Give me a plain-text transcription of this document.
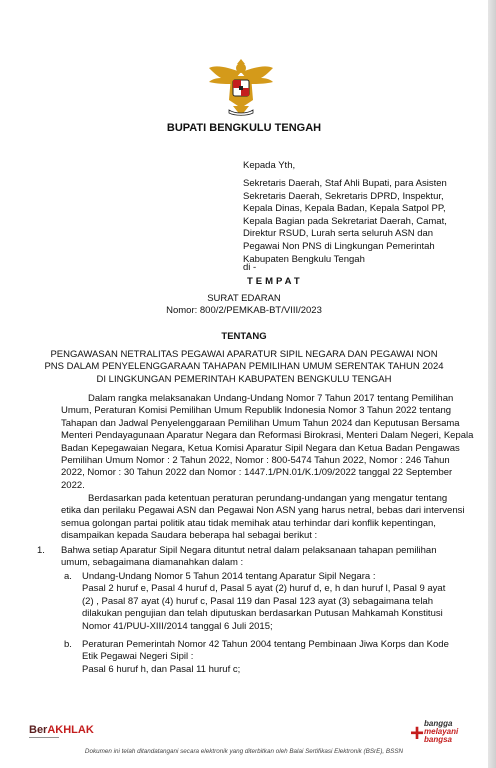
BUPATI BENGKULU TENGAH
Kepada Yth,
Sekretaris Daerah, Staf Ahli Bupati, para Asisten
Sekretaris Daerah, Sekretaris DPRD, Inspektur,
Kepala Dinas, Kepala Badan, Kepala Satpol PP,
Kepala Bagian pada Sekretariat Daerah, Camat,
Direktur RSUD, Lurah serta seluruh ASN dan
Pegawai Non PNS di Lingkungan Pemerintah
Kabupaten Bengkulu Tengah
di -
TEMPAT
SURAT EDARAN
Nomor: 800/2/PEMKAB-BT/VIII/2023
TENTANG
PENGAWASAN NETRALITAS PEGAWAI APARATUR SIPIL NEGARA DAN PEGAWAI NON
PNS DALAM PENYELENGGARAAN TAHAPAN PEMILIHAN UMUM SERENTAK TAHUN 2024
DI LINGKUNGAN PEMERINTAH KABUPATEN BENGKULU TENGAH
Dalam rangka melaksanakan Undang-Undang Nomor 7 Tahun 2017 tentang Pemilihan
Umum, Peraturan Komisi Pemilihan Umum Republik Indonesia Nomor 3 Tahun 2022 tentang
Tahapan dan Jadwal Penyelenggaraan Pemilihan Umum Tahun 2024 dan Keputusan Bersama
Menteri Pendayagunaan Aparatur Negara dan Reformasi Birokrasi, Menteri Dalam Negeri, Kepala
Badan Kepegawaian Negara, Ketua Komisi Aparatur Sipil Negara dan Ketua Badan Pengawas
Pemilihan Umum Nomor : 2 Tahun 2022, Nomor : 800-5474 Tahun 2022, Nomor : 246 Tahun
2022, Nomor : 30 Tahun 2022 dan Nomor : 1447.1/PN.01/K.1/09/2022 tanggal 22 September
2022.
Berdasarkan pada ketentuan peraturan perundang-undangan yang mengatur tentang
etika dan perilaku Pegawai ASN dan Pegawai Non ASN yang harus netral, bebas dari intervensi
semua golongan partai politik atau tidak memihak atau terhindar dari konflik kepentingan,
disampaikan kepada Saudara beberapa hal sebagai berikut :
1. Bahwa setiap Aparatur Sipil Negara dituntut netral dalam pelaksanaan tahapan pemilihan
umum, sebagaimana diamanahkan dalam :
a. Undang-Undang Nomor 5 Tahun 2014 tentang Aparatur Sipil Negara :
Pasal 2 huruf e, Pasal 4 huruf d, Pasal 5 ayat (2) huruf d, e, h dan huruf l, Pasal 9 ayat
(2) , Pasal 87 ayat (4) huruf c, Pasal 119 dan Pasal 123 ayat (3) sebagaimana telah
dilakukan pengujian dan telah diputuskan berdasarkan Putusan Mahkamah Konstitusi
Nomor 41/PUU-XIII/2014 tanggal 6 Juli 2015;
b. Peraturan Pemerintah Nomor 42 Tahun 2004 tentang Pembinaan Jiwa Korps dan Kode
Etik Pegawai Negeri Sipil :
Pasal 6 huruf h, dan Pasal 11 huruf c;
BerAKHLAK
▬▬▬▬▬▬▬▬▬▬	+ bangga
melayani
bangsa
Dokumen ini telah ditandatangani secara elektronik yang diterbitkan oleh Balai Sertifikasi Elektronik (BSrE), BSSN
